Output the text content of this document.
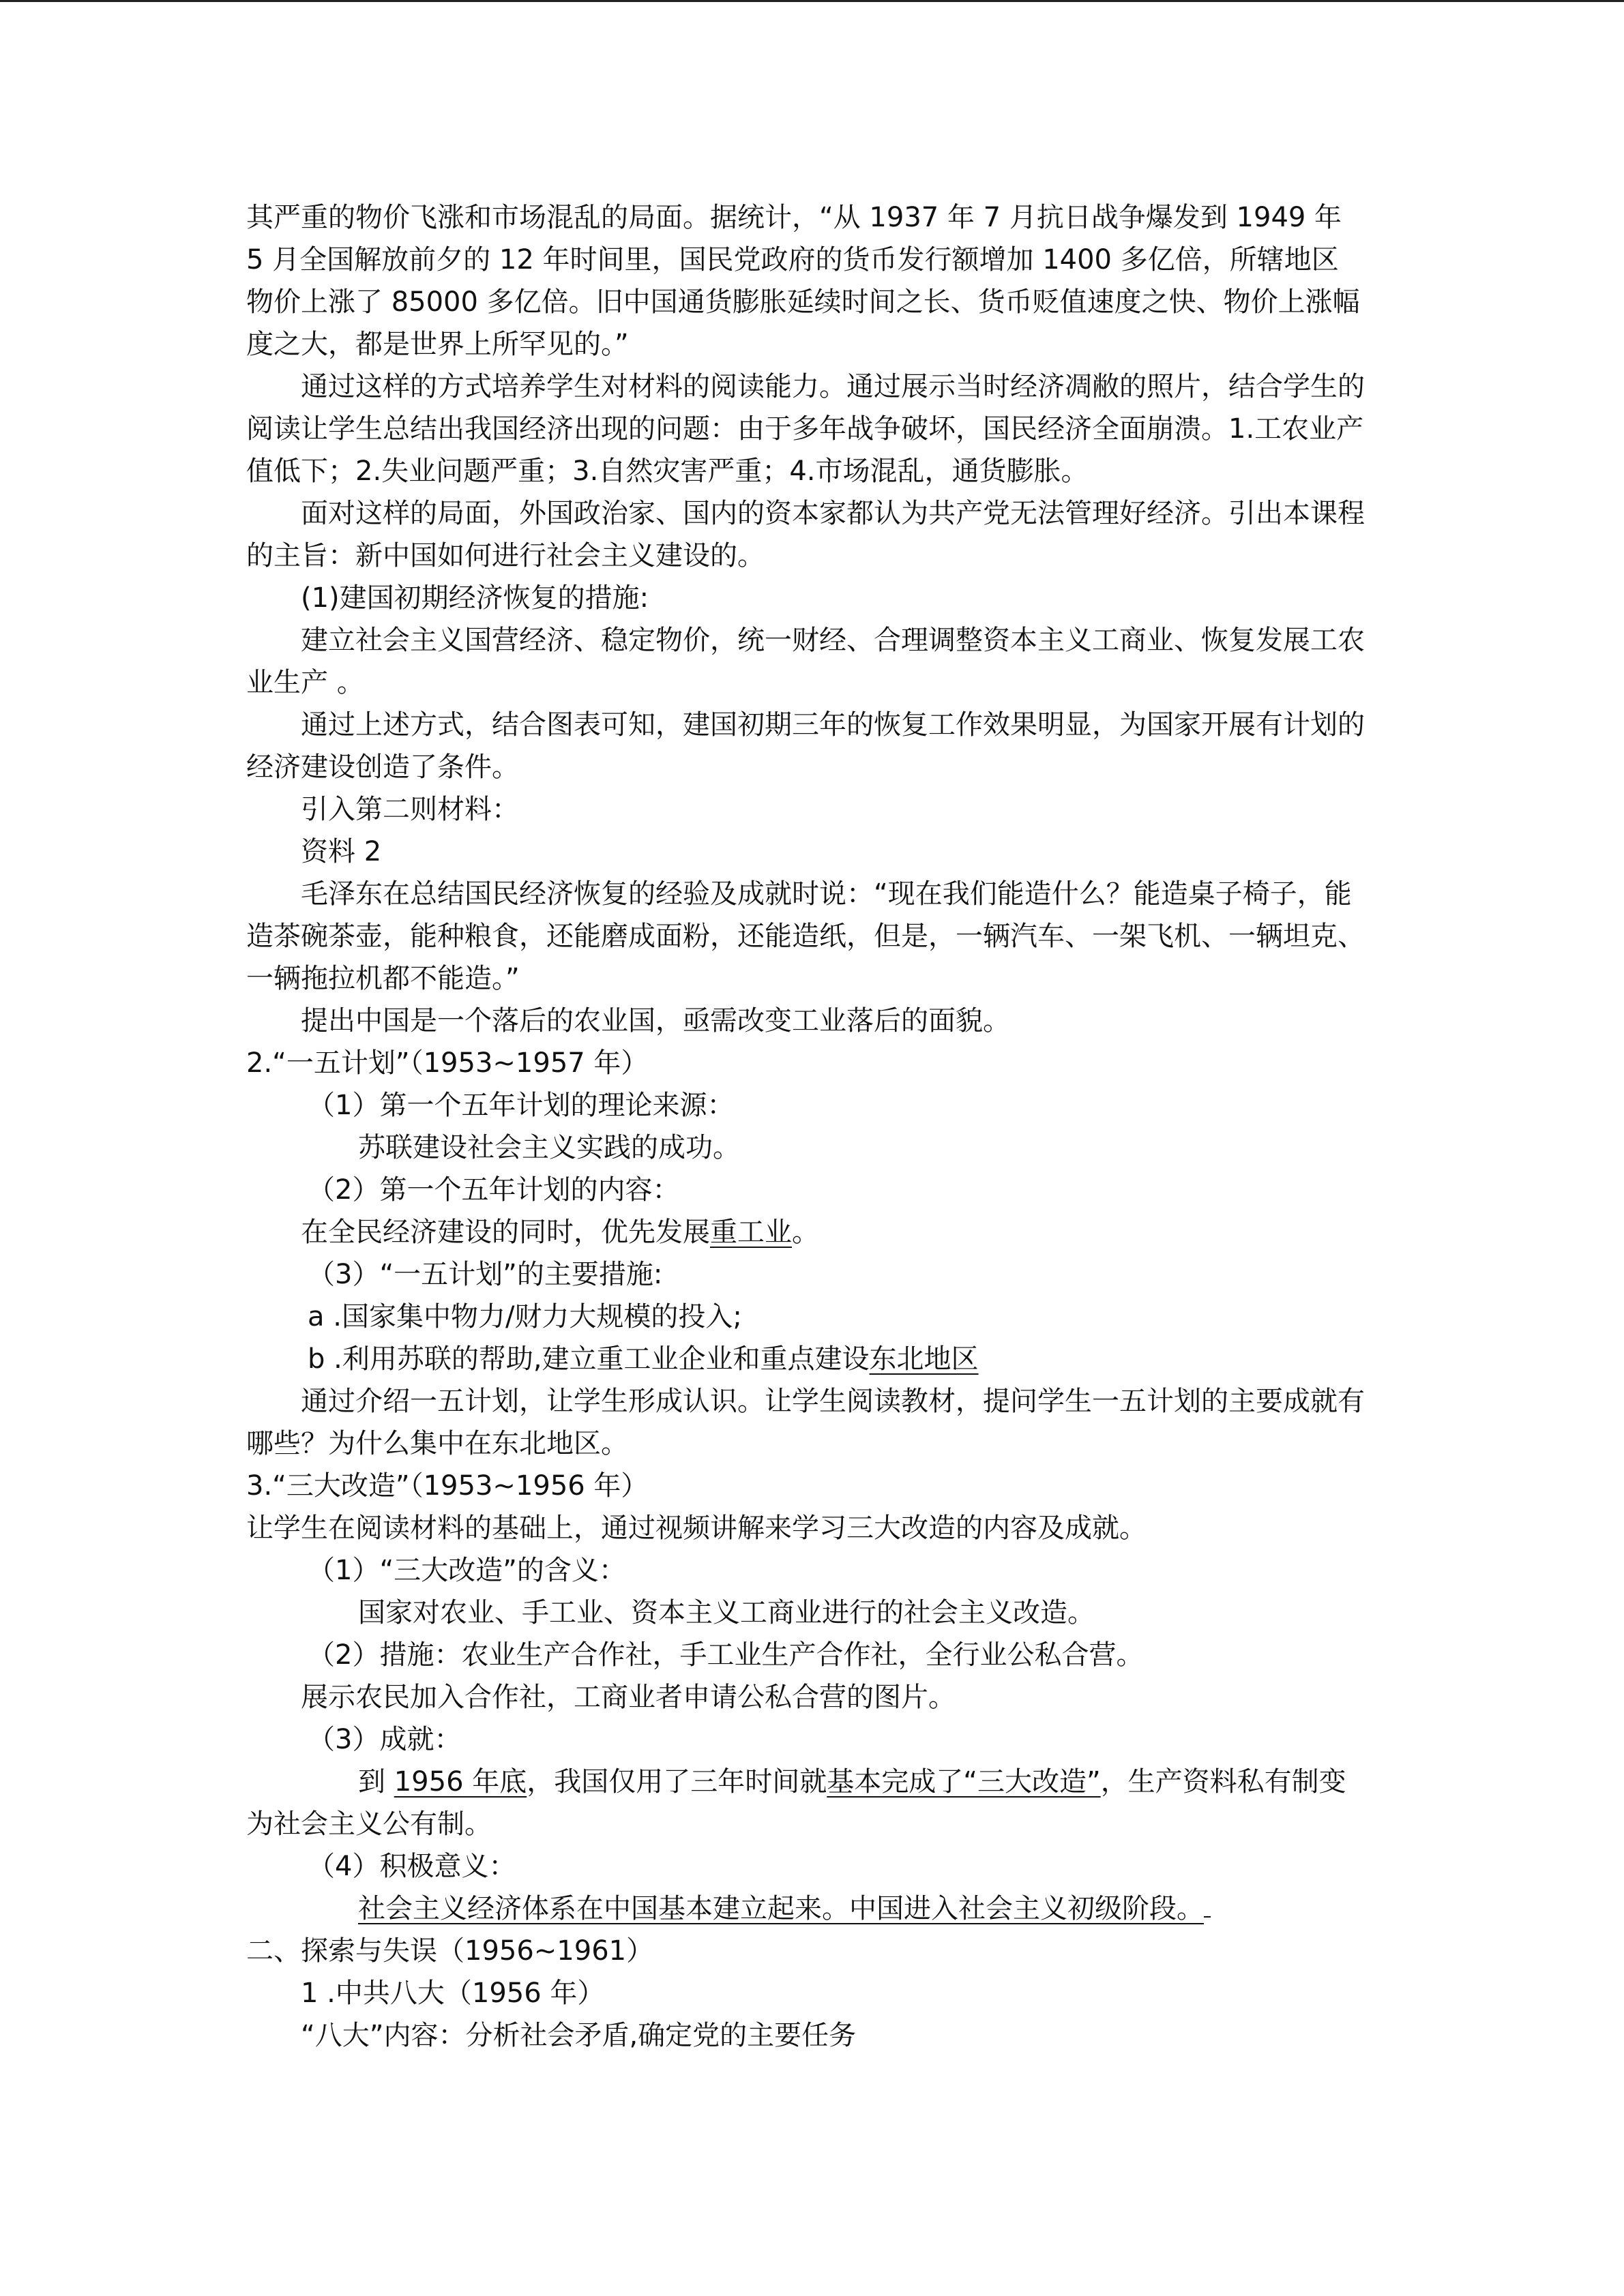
其严重的物价飞涨和市场混乱的局面。据统计，“从 1937 年 7 月抗日战争爆发到 1949 年 5 月全国解放前夕的 12 年时间里，国民党政府的货币发行额增加 1400 多亿倍，所辖地区物价上涨了 85000 多亿倍。旧中国通货膨胀延续时间之长、货币贬值速度之快、物价上涨幅度之大，都是世界上所罕见的。”
通过这样的方式培养学生对材料的阅读能力。通过展示当时经济凋敝的照片，结合学生的阅读让学生总结出我国经济出现的问题：由于多年战争破坏，国民经济全面崩溃。1.工农业产值低下；2.失业问题严重；3.自然灾害严重；4.市场混乱，通货膨胀。
面对这样的局面，外国政治家、国内的资本家都认为共产党无法管理好经济。引出本课程的主旨：新中国如何进行社会主义建设的。
(1)建国初期经济恢复的措施:
建立社会主义国营经济、稳定物价，统一财经、合理调整资本主义工商业、恢复发展工农业生产 。
通过上述方式，结合图表可知，建国初期三年的恢复工作效果明显，为国家开展有计划的经济建设创造了条件。
引入第二则材料：
资料 2
毛泽东在总结国民经济恢复的经验及成就时说：“现在我们能造什么？能造桌子椅子，能造茶碗茶壶，能种粮食，还能磨成面粉，还能造纸，但是，一辆汽车、一架飞机、一辆坦克、一辆拖拉机都不能造。”
提出中国是一个落后的农业国，亟需改变工业落后的面貌。
2.“一五计划”（1953~1957 年）
（1）第一个五年计划的理论来源：
苏联建设社会主义实践的成功。
（2）第一个五年计划的内容：
在全民经济建设的同时，优先发展重工业。
（3）“一五计划”的主要措施:
a .国家集中物力/财力大规模的投入;
b .利用苏联的帮助,建立重工业企业和重点建设东北地区
通过介绍一五计划，让学生形成认识。让学生阅读教材，提问学生一五计划的主要成就有哪些？为什么集中在东北地区。
3.“三大改造”（1953~1956 年）
让学生在阅读材料的基础上，通过视频讲解来学习三大改造的内容及成就。
（1）“三大改造”的含义：
国家对农业、手工业、资本主义工商业进行的社会主义改造。
（2）措施：农业生产合作社，手工业生产合作社，全行业公私合营。
展示农民加入合作社，工商业者申请公私合营的图片。
（3）成就：
到 1956 年底，我国仅用了三年时间就基本完成了“三大改造”，生产资料私有制变为社会主义公有制。
（4）积极意义：
社会主义经济体系在中国基本建立起来。中国进入社会主义初级阶段。
二、探索与失误（1956~1961）
1 .中共八大（1956 年）
“八大”内容：分析社会矛盾,确定党的主要任务
